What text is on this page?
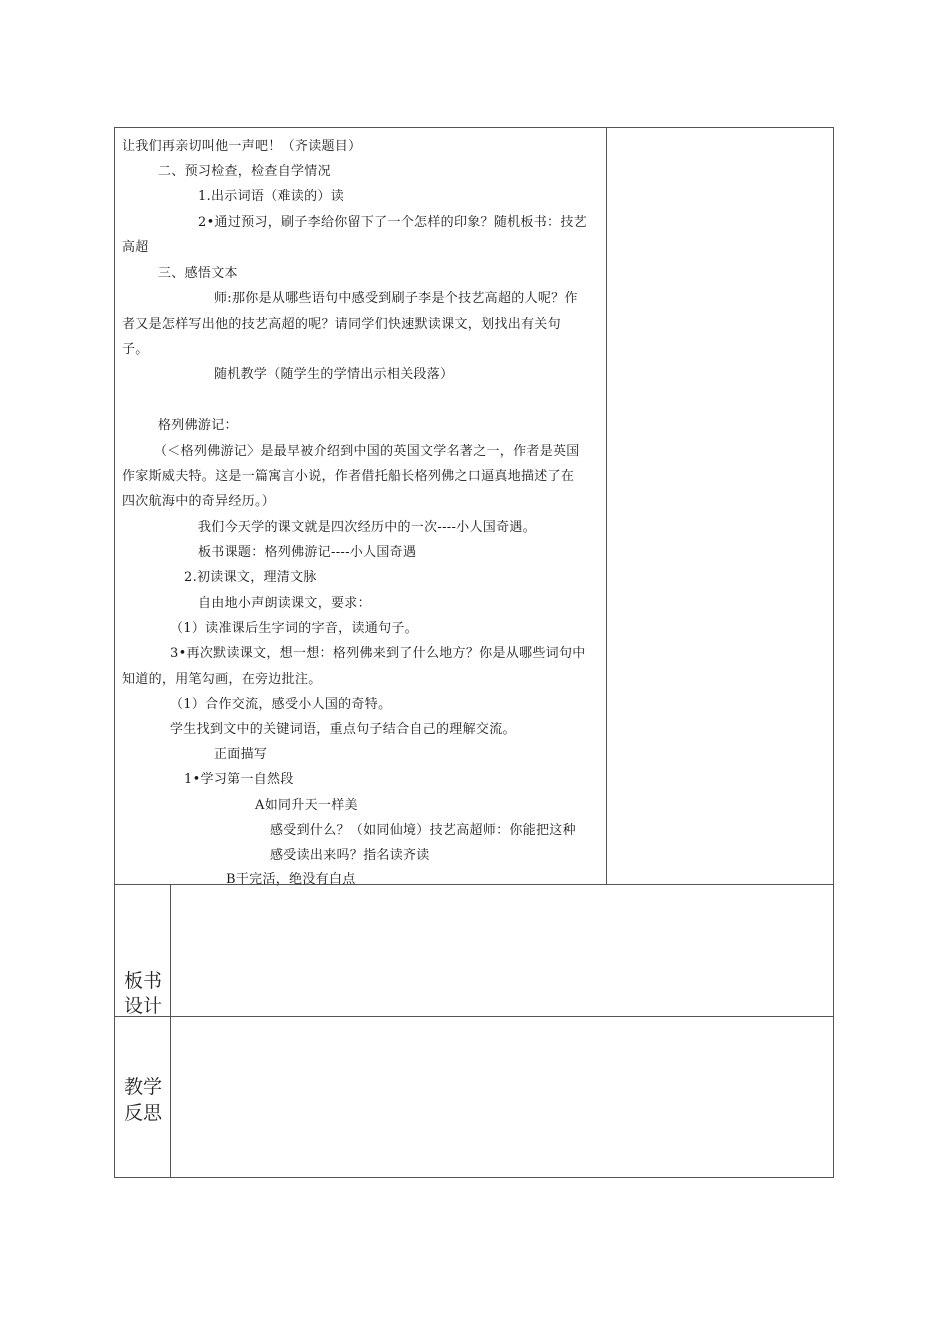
让我们再亲切叫他一声吧！（齐读题目）
二、预习检查，检查自学情况
1.出示词语（难读的）读
2•通过预习，刷子李给你留下了一个怎样的印象？随机板书：技艺
高超
三、感悟文本
师:那你是从哪些语句中感受到刷子李是个技艺高超的人呢？作
者又是怎样写出他的技艺高超的呢？请同学们快速默读课文，划找出有关句
子。
随机教学（随学生的学情出示相关段落）
格列佛游记：
（＜格列佛游记〉是最早被介绍到中国的英国文学名著之一，作者是英国
作家斯威夫特。这是一篇寓言小说，作者借托船长格列佛之口逼真地描述了在
四次航海中的奇异经历。）
我们今天学的课文就是四次经历中的一次----小人国奇遇。
板书课题：格列佛游记----小人国奇遇
2.初读课文，理清文脉
自由地小声朗读课文，要求：
（1）读准课后生字词的字音，读通句子。
3•再次默读课文，想一想：格列佛来到了什么地方？你是从哪些词句中
知道的，用笔勾画，在旁边批注。
（1）合作交流，感受小人国的奇特。
学生找到文中的关键词语，重点句子结合自己的理解交流。
正面描写
1•学习第一自然段
A如同升天一样美
感受到什么？（如同仙境）技艺高超师：你能把这种
感受读出来吗？指名读齐读
B干完活，绝没有白点
板书
设计
教学
反思
